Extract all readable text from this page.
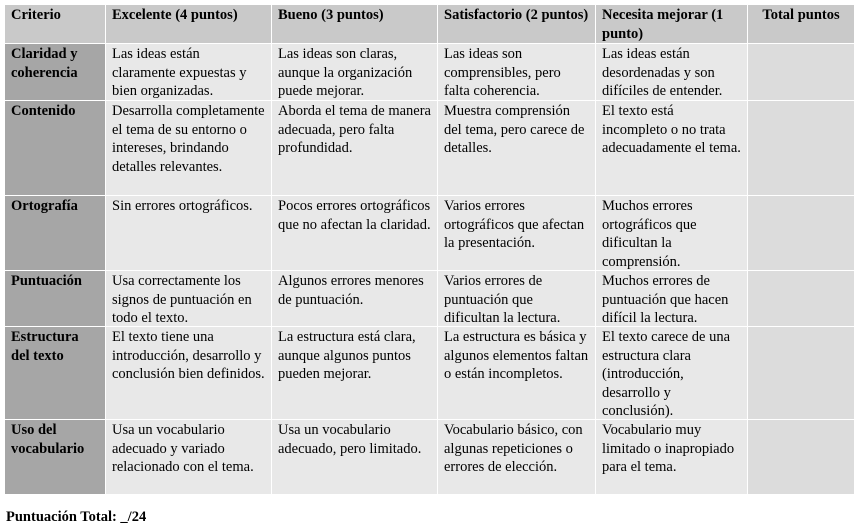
Criterio	Excelente (4 puntos)	Bueno (3 puntos)	Satisfactorio (2 puntos)	Necesita mejorar (1 punto)	Total puntos

Claridad y coherencia	Las ideas están claramente expuestas y bien organizadas.	Las ideas son claras, aunque la organización puede mejorar.	Las ideas son comprensibles, pero falta coherencia.	Las ideas están desordenadas y son difíciles de entender.	

Contenido	Desarrolla completamente el tema de su entorno o intereses, brindando detalles relevantes.	Aborda el tema de manera adecuada, pero falta profundidad.	Muestra comprensión del tema, pero carece de detalles.	El texto está incompleto o no trata adecuadamente el tema.	

Ortografía	Sin errores ortográficos.	Pocos errores ortográficos que no afectan la claridad.	Varios errores ortográficos que afectan la presentación.	Muchos errores ortográficos que dificultan la comprensión.	

Puntuación	Usa correctamente los signos de puntuación en todo el texto.	Algunos errores menores de puntuación.	Varios errores de puntuación que dificultan la lectura.	Muchos errores de puntuación que hacen difícil la lectura.	

Estructura del texto	El texto tiene una introducción, desarrollo y conclusión bien definidos.	La estructura está clara, aunque algunos puntos pueden mejorar.	La estructura es básica y algunos elementos faltan o están incompletos.	El texto carece de una estructura clara (introducción, desarrollo y conclusión).	

Uso del vocabulario	Usa un vocabulario adecuado y variado relacionado con el tema.	Usa un vocabulario adecuado, pero limitado.	Vocabulario básico, con algunas repeticiones o errores de elección.	Vocabulario muy limitado o inapropiado para el tema.	

Puntuación Total: _/24
